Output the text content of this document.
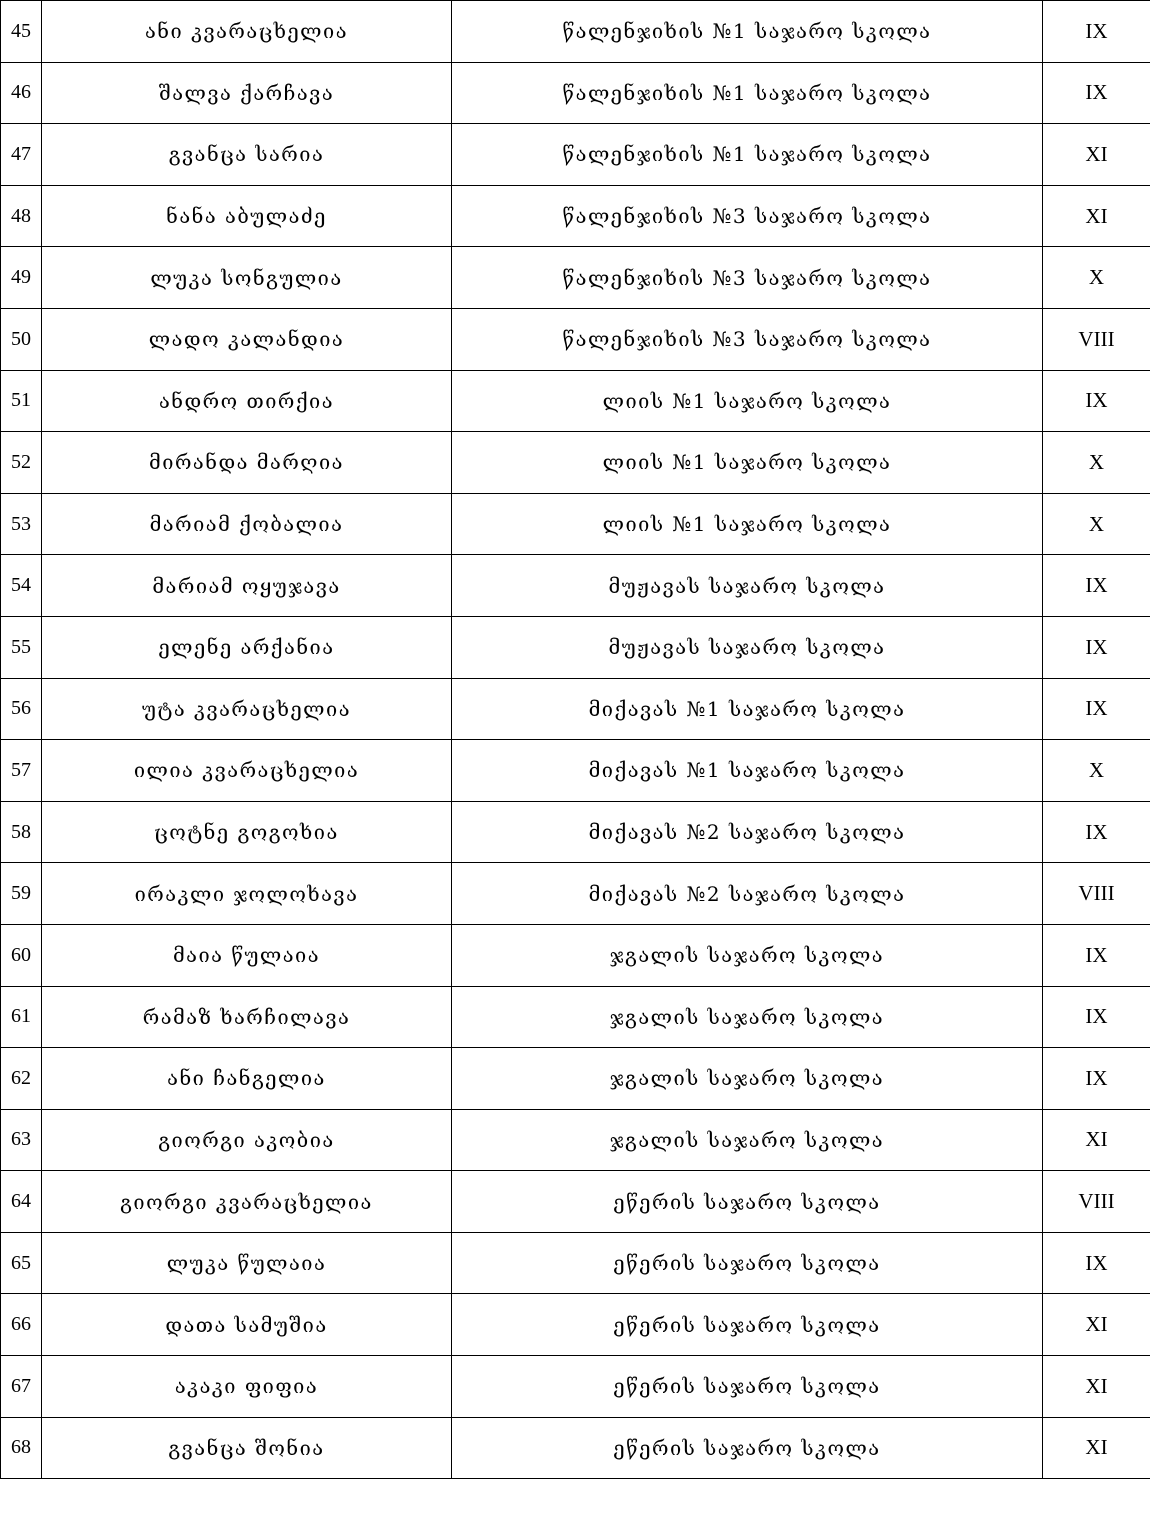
45	ანი კვარაცხელია	წალენჯიხის №1 საჯარო სკოლა	IX
46	შალვა ქარჩავა	წალენჯიხის №1 საჯარო სკოლა	IX
47	გვანცა სარია	წალენჯიხის №1 საჯარო სკოლა	XI
48	ნანა აბულაძე	წალენჯიხის №3 საჯარო სკოლა	XI
49	ლუკა სონგულია	წალენჯიხის №3 საჯარო სკოლა	X
50	ლადო კალანდია	წალენჯიხის №3 საჯარო სკოლა	VIII
51	ანდრო თირქია	ლიის №1 საჯარო სკოლა	IX
52	მირანდა მარღია	ლიის №1 საჯარო სკოლა	X
53	მარიამ ქობალია	ლიის №1 საჯარო სკოლა	X
54	მარიამ ოყუჯავა	მუჟავას საჯარო სკოლა	IX
55	ელენე არქანია	მუჟავას საჯარო სკოლა	IX
56	უტა კვარაცხელია	მიქავას №1 საჯარო სკოლა	IX
57	ილია კვარაცხელია	მიქავას №1 საჯარო სკოლა	X
58	ცოტნე გოგოხია	მიქავას №2 საჯარო სკოლა	IX
59	ირაკლი ჯოლოხავა	მიქავას №2 საჯარო სკოლა	VIII
60	მაია წულაია	ჯგალის საჯარო სკოლა	IX
61	რამაზ ხარჩილავა	ჯგალის საჯარო სკოლა	IX
62	ანი ჩანგელია	ჯგალის საჯარო სკოლა	IX
63	გიორგი აკობია	ჯგალის საჯარო სკოლა	XI
64	გიორგი კვარაცხელია	ეწერის საჯარო სკოლა	VIII
65	ლუკა წულაია	ეწერის საჯარო სკოლა	IX
66	დათა სამუშია	ეწერის საჯარო სკოლა	XI
67	აკაკი ფიფია	ეწერის საჯარო სკოლა	XI
68	გვანცა შონია	ეწერის საჯარო სკოლა	XI
